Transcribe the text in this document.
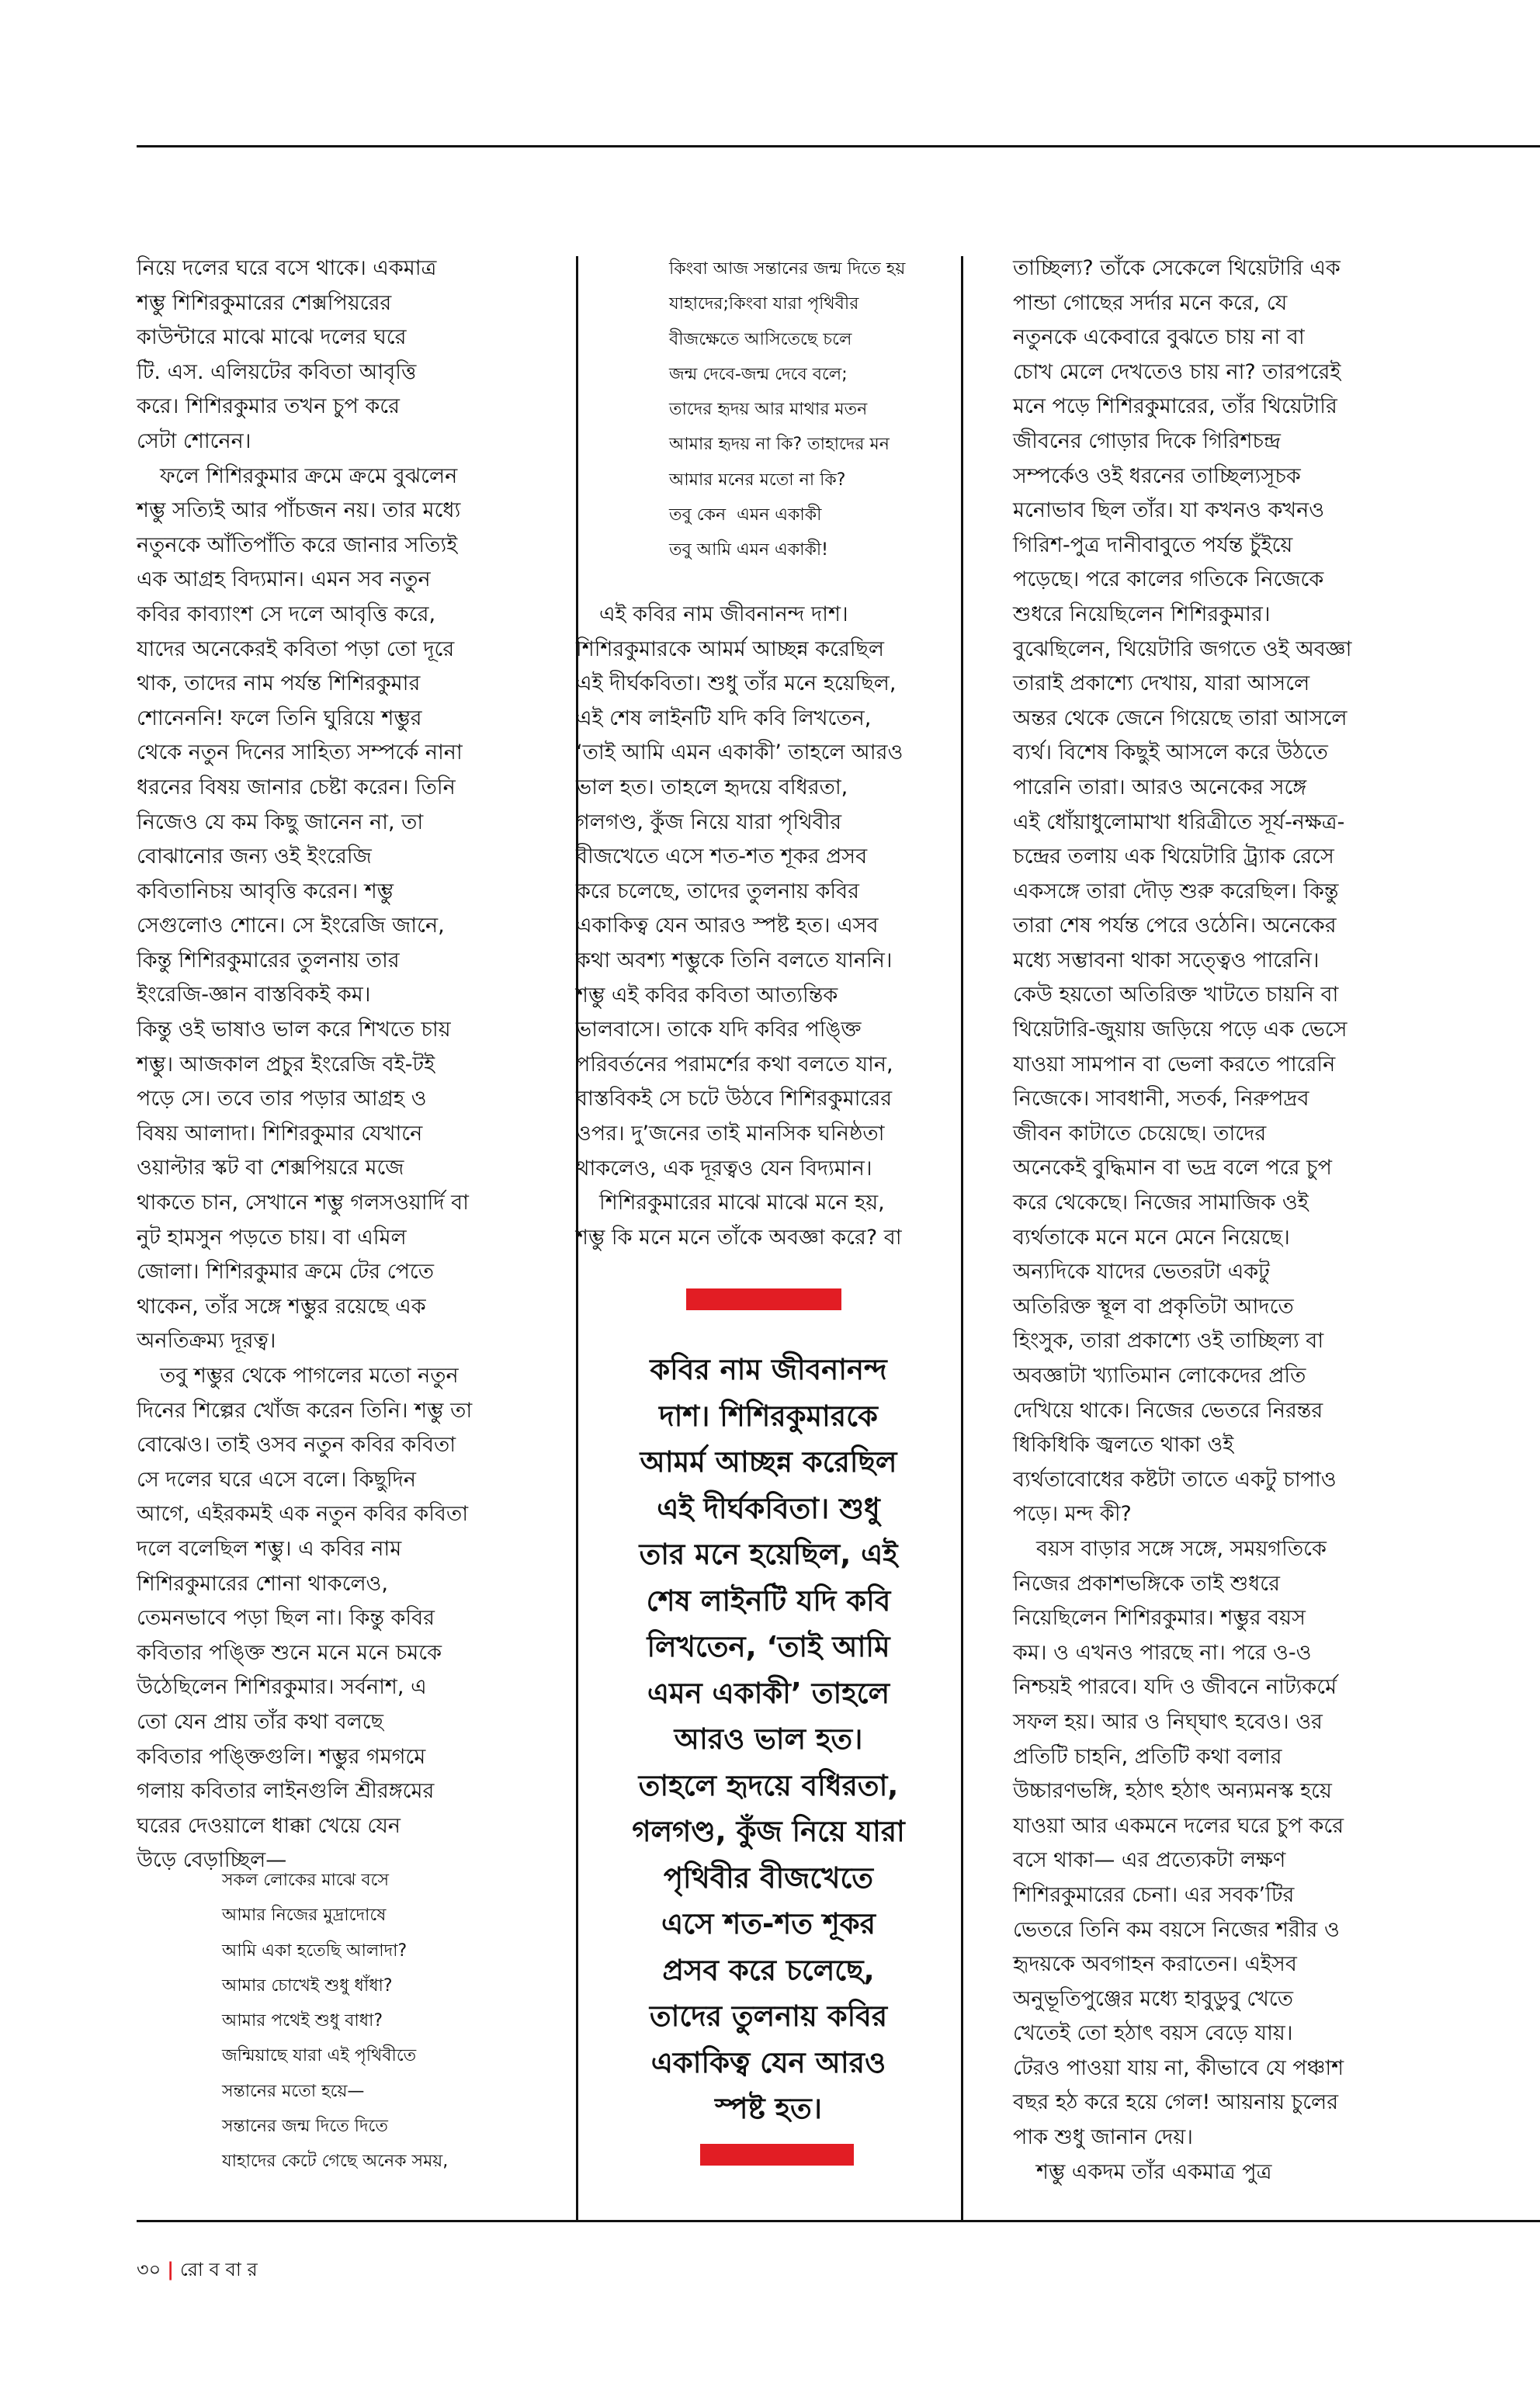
নিয়ে দলের ঘরে বসে থাকে। একমাত্র

শম্ভু শিশিরকুমারের শেক্সপিয়রের

কাউন্টারে মাঝে মাঝে দলের ঘরে

টি. এস. এলিয়টের কবিতা আবৃত্তি

করে। শিশিরকুমার তখন চুপ করে

সেটা শোনেন।

ফলে শিশিরকুমার ক্রমে ক্রমে বুঝলেন

শম্ভু সত্যিই আর পাঁচজন নয়। তার মধ্যে

নতুনকে আঁতিপাঁতি করে জানার সত্যিই

এক আগ্রহ বিদ্যমান। এমন সব নতুন

কবির কাব্যাংশ সে দলে আবৃত্তি করে,

যাদের অনেকেরই কবিতা পড়া তো দূরে

থাক, তাদের নাম পর্যন্ত শিশিরকুমার

শোনেননি! ফলে তিনি ঘুরিয়ে শম্ভুর

থেকে নতুন দিনের সাহিত্য সম্পর্কে নানা

ধরনের বিষয় জানার চেষ্টা করেন। তিনি

নিজেও যে কম কিছু জানেন না, তা

বোঝানোর জন্য ওই ইংরেজি

কবিতানিচয় আবৃত্তি করেন। শম্ভু

সেগুলোও শোনে। সে ইংরেজি জানে,

কিন্তু শিশিরকুমারের তুলনায় তার

ইংরেজি-জ্ঞান বাস্তবিকই কম।

কিন্তু ওই ভাষাও ভাল করে শিখতে চায়

শম্ভু। আজকাল প্রচুর ইংরেজি বই-টই

পড়ে সে। তবে তার পড়ার আগ্রহ ও

বিষয় আলাদা। শিশিরকুমার যেখানে

ওয়াল্টার স্কট বা শেক্সপিয়রে মজে

থাকতে চান, সেখানে শম্ভু গলসওয়ার্দি বা

নুট হামসুন পড়তে চায়। বা এমিল

জোলা। শিশিরকুমার ক্রমে টের পেতে

থাকেন, তাঁর সঙ্গে শম্ভুর রয়েছে এক

অনতিক্রম্য দূরত্ব।

তবু শম্ভুর থেকে পাগলের মতো নতুন

দিনের শিল্পের খোঁজ করেন তিনি। শম্ভু তা

বোঝেও। তাই ওসব নতুন কবির কবিতা

সে দলের ঘরে এসে বলে। কিছুদিন

আগে, এইরকমই এক নতুন কবির কবিতা

দলে বলেছিল শম্ভু। এ কবির নাম

শিশিরকুমারের শোনা থাকলেও,

তেমনভাবে পড়া ছিল না। কিন্তু কবির

কবিতার পঙ্ক্তি শুনে মনে মনে চমকে

উঠেছিলেন শিশিরকুমার। সর্বনাশ, এ

তো যেন প্রায় তাঁর কথা বলছে

কবিতার পঙ্ক্তিগুলি। শম্ভুর গমগমে

গলায় কবিতার লাইনগুলি শ্রীরঙ্গমের

ঘরের দেওয়ালে ধাক্কা খেয়ে যেন

উড়ে বেড়াচ্ছিল—

সকল লোকের মাঝে বসে

আমার নিজের মুদ্রাদোষে

আমি একা হতেছি আলাদা?

আমার চোখেই শুধু ধাঁধা?

আমার পথেই শুধু বাধা?

জন্মিয়াছে যারা এই পৃথিবীতে

সন্তানের মতো হয়ে—

সন্তানের জন্ম দিতে দিতে

যাহাদের কেটে গেছে অনেক সময়,

কিংবা আজ সন্তানের জন্ম দিতে হয়

যাহাদের;কিংবা যারা পৃথিবীর

বীজক্ষেতে আসিতেছে চলে

জন্ম দেবে-জন্ম দেবে বলে;

তাদের হৃদয় আর মাথার মতন

আমার হৃদয় না কি? তাহাদের মন

আমার মনের মতো না কি?

তবু কেন  এমন একাকী

তবু আমি এমন একাকী!

এই কবির নাম জীবনানন্দ দাশ।

শিশিরকুমারকে আমর্ম আচ্ছন্ন করেছিল

এই দীর্ঘকবিতা। শুধু তাঁর মনে হয়েছিল,

এই শেষ লাইনটি যদি কবি লিখতেন,

‘তাই আমি এমন একাকী’ তাহলে আরও

ভাল হত। তাহলে হৃদয়ে বধিরতা,

গলগণ্ড, কুঁজ নিয়ে যারা পৃথিবীর

বীজখেতে এসে শত-শত শূকর প্রসব

করে চলেছে, তাদের তুলনায় কবির

একাকিত্ব যেন আরও স্পষ্ট হত। এসব

কথা অবশ্য শম্ভুকে তিনি বলতে যাননি।

শম্ভু এই কবির কবিতা আত্যন্তিক

ভালবাসে। তাকে যদি কবির পঙ্ক্তি

পরিবর্তনের পরামর্শের কথা বলতে যান,

বাস্তবিকই সে চটে উঠবে শিশিরকুমারের

ওপর। দু’জনের তাই মানসিক ঘনিষ্ঠতা

থাকলেও, এক দূরত্বও যেন বিদ্যমান।

শিশিরকুমারের মাঝে মাঝে মনে হয়,

শম্ভু কি মনে মনে তাঁকে অবজ্ঞা করে? বা

কবির নাম জীবনানন্দ

দাশ। শিশিরকুমারকে

আমর্ম আচ্ছন্ন করেছিল

এই দীর্ঘকবিতা। শুধু

তার মনে হয়েছিল, এই

শেষ লাইনটি যদি কবি

লিখতেন, ‘তাই আমি

এমন একাকী’ তাহলে

আরও ভাল হত।

তাহলে হৃদয়ে বধিরতা,

গলগণ্ড, কুঁজ নিয়ে যারা

পৃথিবীর বীজখেতে

এসে শত-শত শূকর

প্রসব করে চলেছে,

তাদের তুলনায় কবির

একাকিত্ব যেন আরও

স্পষ্ট হত।

তাচ্ছিল্য? তাঁকে সেকেলে থিয়েটারি এক

পান্ডা গোছের সর্দার মনে করে, যে

নতুনকে একেবারে বুঝতে চায় না বা

চোখ মেলে দেখতেও চায় না? তারপরেই

মনে পড়ে শিশিরকুমারের, তাঁর থিয়েটারি

জীবনের গোড়ার দিকে গিরিশচন্দ্র

সম্পর্কেও ওই ধরনের তাচ্ছিল্যসূচক

মনোভাব ছিল তাঁর। যা কখনও কখনও

গিরিশ-পুত্র দানীবাবুতে পর্যন্ত চুঁইয়ে

পড়েছে। পরে কালের গতিকে নিজেকে

শুধরে নিয়েছিলেন শিশিরকুমার।

বুঝেছিলেন, থিয়েটারি জগতে ওই অবজ্ঞা

তারাই প্রকাশ্যে দেখায়, যারা আসলে

অন্তর থেকে জেনে গিয়েছে তারা আসলে

ব্যর্থ। বিশেষ কিছুই আসলে করে উঠতে

পারেনি তারা। আরও অনেকের সঙ্গে

এই ধোঁয়াধুলোমাখা ধরিত্রীতে সূর্য-নক্ষত্র-

চন্দ্রের তলায় এক থিয়েটারি ট্র্যাক রেসে

একসঙ্গে তারা দৌড় শুরু করেছিল। কিন্তু

তারা শেষ পর্যন্ত পেরে ওঠেনি। অনেকের

মধ্যে সম্ভাবনা থাকা সত্ত্বেও পারেনি।

কেউ হয়তো অতিরিক্ত খাটতে চায়নি বা

থিয়েটারি-জুয়ায় জড়িয়ে পড়ে এক ভেসে

যাওয়া সামপান বা ভেলা করতে পারেনি

নিজেকে। সাবধানী, সতর্ক, নিরুপদ্রব

জীবন কাটাতে চেয়েছে। তাদের

অনেকেই বুদ্ধিমান বা ভদ্র বলে পরে চুপ

করে থেকেছে। নিজের সামাজিক ওই

ব্যর্থতাকে মনে মনে মেনে নিয়েছে।

অন্যদিকে যাদের ভেতরটা একটু

অতিরিক্ত স্থূল বা প্রকৃতিটা আদতে

হিংসুক, তারা প্রকাশ্যে ওই তাচ্ছিল্য বা

অবজ্ঞাটা খ্যাতিমান লোকেদের প্রতি

দেখিয়ে থাকে। নিজের ভেতরে নিরন্তর

ধিকিধিকি জ্বলতে থাকা ওই

ব্যর্থতাবোধের কষ্টটা তাতে একটু চাপাও

পড়ে। মন্দ কী?

বয়স বাড়ার সঙ্গে সঙ্গে, সময়গতিকে

নিজের প্রকাশভঙ্গিকে তাই শুধরে

নিয়েছিলেন শিশিরকুমার। শম্ভুর বয়স

কম। ও এখনও পারছে না। পরে ও-ও

নিশ্চয়ই পারবে। যদি ও জীবনে নাট্যকর্মে

সফল হয়। আর ও নিঘ্ঘাৎ হবেও। ওর

প্রতিটি চাহনি, প্রতিটি কথা বলার

উচ্চারণভঙ্গি, হঠাৎ হঠাৎ অন্যমনস্ক হয়ে

যাওয়া আর একমনে দলের ঘরে চুপ করে

বসে থাকা— এর প্রত্যেকটা লক্ষণ

শিশিরকুমারের চেনা। এর সবক’টির

ভেতরে তিনি কম বয়সে নিজের শরীর ও

হৃদয়কে অবগাহন করাতেন। এইসব

অনুভূতিপুঞ্জের মধ্যে হাবুডুবু খেতে

খেতেই তো হঠাৎ বয়স বেড়ে যায়।

টেরও পাওয়া যায় না, কীভাবে যে পঞ্চাশ

বছর হঠ করে হয়ে গেল! আয়নায় চুলের

পাক শুধু জানান দেয়।

শম্ভু একদম তাঁর একমাত্র পুত্র

৩০ | রো ব বা র
